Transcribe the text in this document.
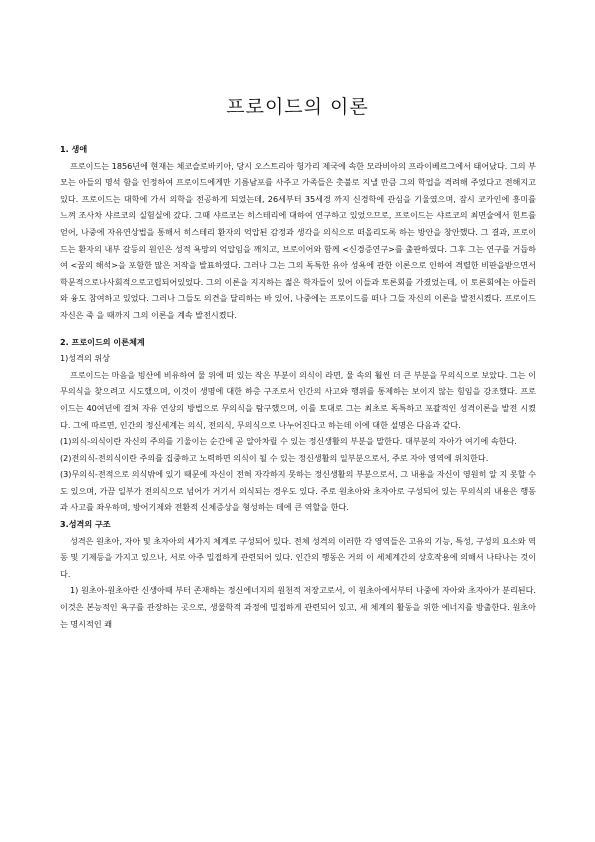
프로이드의 이론

1. 생애

프로이드는 1856년에 현재는 체코슬로바키아, 당시 오스트리아 헝가리 제국에 속한 모라비아의 프라이베르그에서 태어났다. 그의 부모는 아들의 명석 함을 인정하여 프로이드에게만 기름남포를 사주고 가족들은 촛불로 지낼 만큼 그의 학업을 격려해 주었다고 전해지고 있다. 프로이드는 대학에 가서 의학을 전공하게 되었는데, 26세부터 35세경 까지 신경학에 관심을 기울였으며, 잠시 코카인에 흥미를 느껴 조사차 샤르코의 실험실에 갔다. 그때 샤르코는 히스테리에 대하여 연구하고 있었으므로, 프로이드는 샤르코의 최면술에서 힌트를 얻어, 나중에 자유연상법을 통해서 히스테리 환자의 억압된 감정과 생각을 의식으로 떠올리도록 하는 방안을 창안했다. 그 결과, 프로이드는 환자의 내부 갈등의 원인은 성적 욕망의 억압임을 깨치고, 브로이어와 함께 <신경증연구>를 출판하였다. 그후 그는 연구를 거듭하여 <꿈의 해석>을 포함한 많은 저작을 발표하였다. 그러나 그는 그의 독특한 유아 성욕에 관한 이론으로 인하여 격렬한 비판을받으면서학문적으로나사회적으로고립되어있었다. 그의 이론을 지지하는 젊은 학자들이 있어 이들과 토론회를 가졌었는데, 이 토론회에는 아들러와 융도 참여하고 있었다. 그러나 그들도 의견을 달리하는 바 있어, 나중에는 프로이드를 떠나 그들 자신의 이론을 발전시켰다. 프로이드 자신은 죽 을 때까지 그의 이론을 계속 발전시켰다.

2. 프로이드의 이론체계

1)성격의 위상

프로이드는 마음을 빙산에 비유하여 물 위에 떠 있는 작은 부분이 의식이 라면, 물 속의 훨씬 더 큰 부분을 무의식으로 보았다. 그는 이 무의식을 찾으려고 시도했으며, 이것이 생명에 대한 하층 구조로서 인간의 사고와 행위를 통제하는 보이지 않는 힘임을 강조했다. 프로이드는 40여년에 걸쳐 자유 연상의 방법으로 무의식을 탐구했으며, 이를 토대로 그는 최초로 독특하고 포괄적인 성격이론을 발전 시켰다. 그에 따르면, 인간의 정신세계는 의식, 전의식, 무의식으로 나누어진다고 하는데 이에 대한 설명은 다음과 같다.

(1)의식-의식이란 자신의 주의를 기울이는 순간에 곧 알아차릴 수 있는 정신생활의 부분을 말한다. 대부분의 자아가 여기에 속한다.

(2)전의식-전의식이란 주의를 집중하고 노력하면 의식이 될 수 있는 정신생활의 일부분으로서, 주로 자아 영역에 위치한다.

(3)무의식-전적으로 의식밖에 있기 때문에 자신이 전혀 자각하지 못하는 정신생활의 부분으로서, 그 내용을 자신이 영원히 알 지 못할 수도 있으며, 가끔 일부가 전의식으로 넘어가 거기서 의식되는 경우도 있다. 주로 원초아와 초자아로 구성되어 있는 무의식의 내용은 행동과 사고를 좌우하며, 방어기제와 전환적 신체증상을 형성하는 데에 큰 역할을 한다.

3.성격의 구조

성격은 원초아, 자아 및 초자아의 세가지 체계로 구성되어 있다. 전체 성격의 이러한 각 영역들은 고유의 기능, 특성, 구성의 요소와 역동 및 기제등을 가지고 있으나, 서로 아주 밀접하게 관련되어 있다. 인간의 행동은 거의 이 세체계간의 상호작용에 의해서 나타나는 것이다.

1) 원초아-원초아란 신생아때 부터 존재하는 정신에너지의 원천적 저장고로서, 이 원초아에서부터 나중에 자아와 초자아가 분리된다. 이것은 본능적인 욕구를 관장하는 곳으로, 생물학적 과정에 밀접하게 관련되어 있고, 세 체계의 활동을 위한 에너지를 방출한다. 원초아는 명시적인 쾌
